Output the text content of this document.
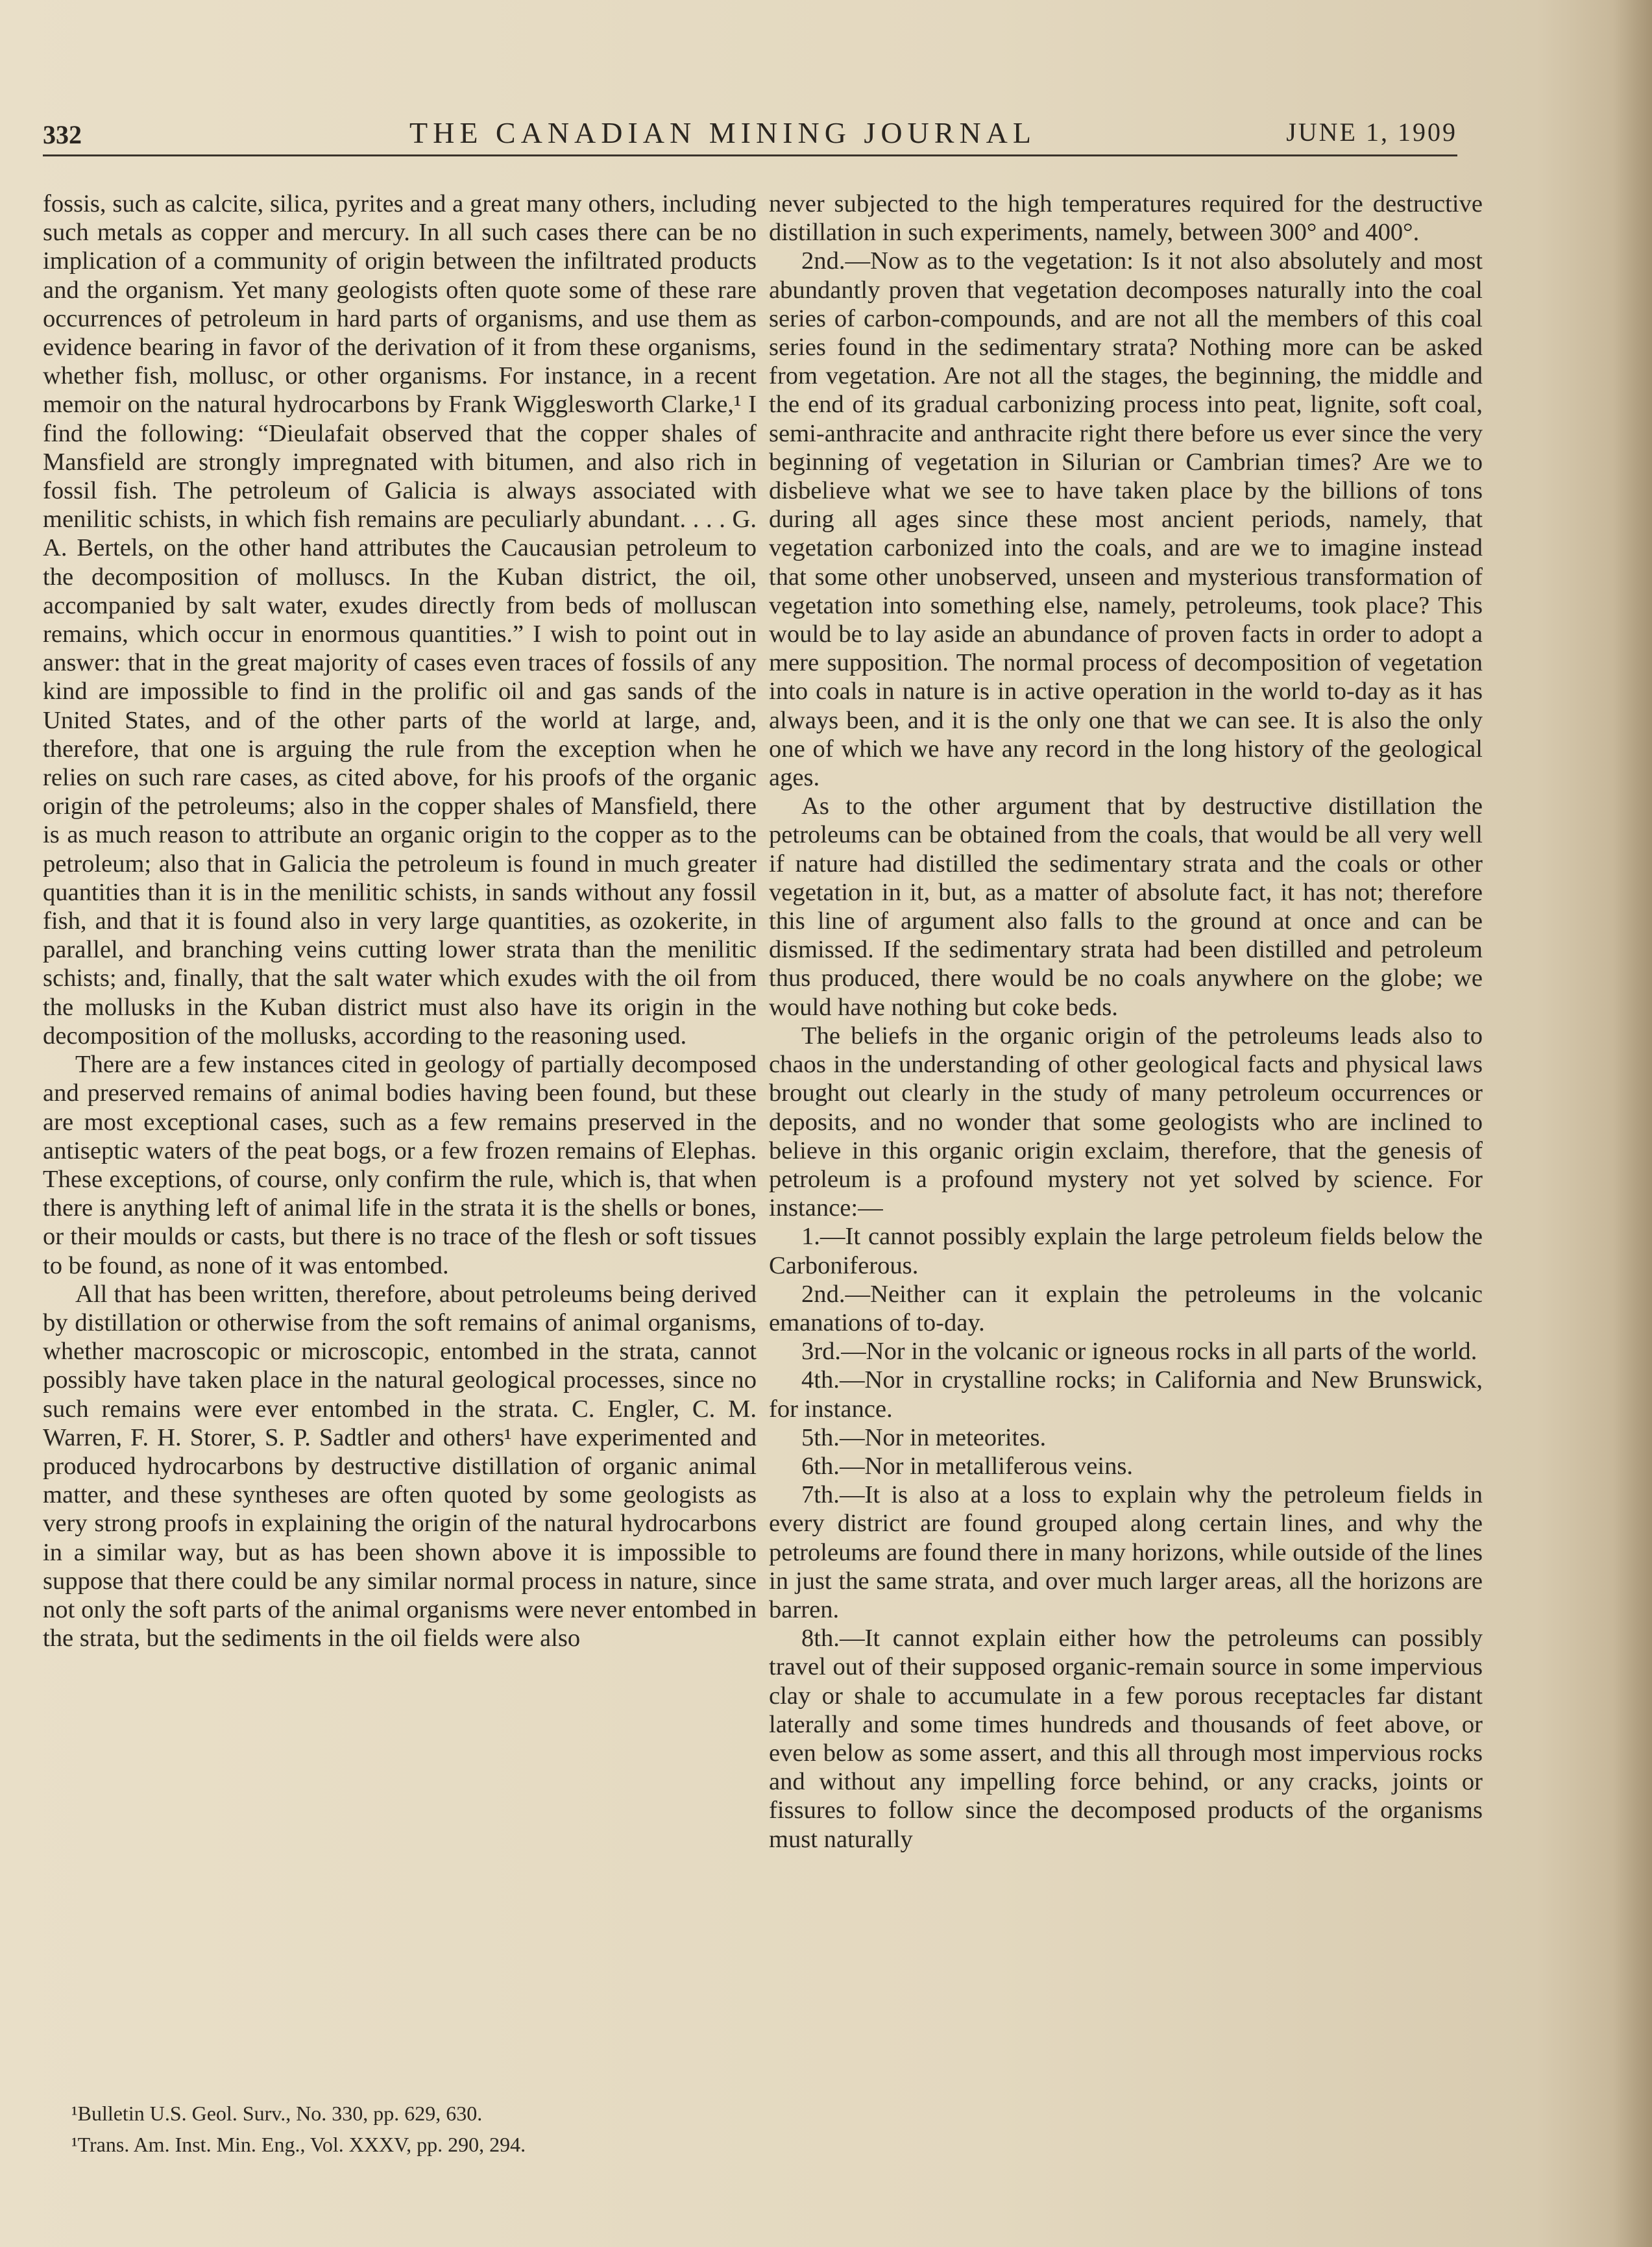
332	THE CANADIAN MINING JOURNAL	JUNE 1, 1909

fossis, such as calcite, silica, pyrites and a great many others, including such metals as copper and mercury. In all such cases there can be no implication of a community of origin between the infiltrated products and the organism. Yet many geologists often quote some of these rare occurrences of petroleum in hard parts of organisms, and use them as evidence bearing in favor of the derivation of it from these organisms, whether fish, mollusc, or other organisms. For instance, in a recent memoir on the natural hydrocarbons by Frank Wigglesworth Clarke,¹ I find the following: “Dieulafait observed that the copper shales of Mansfield are strongly impregnated with bitumen, and also rich in fossil fish. The petroleum of Galicia is always associated with menilitic schists, in which fish remains are peculiarly abundant. . . . G. A. Bertels, on the other hand attributes the Caucausian petroleum to the decomposition of molluscs. In the Kuban district, the oil, accompanied by salt water, exudes directly from beds of molluscan remains, which occur in enormous quantities.” I wish to point out in answer: that in the great majority of cases even traces of fossils of any kind are impossible to find in the prolific oil and gas sands of the United States, and of the other parts of the world at large, and, therefore, that one is arguing the rule from the exception when he relies on such rare cases, as cited above, for his proofs of the organic origin of the petroleums; also in the copper shales of Mansfield, there is as much reason to attribute an organic origin to the copper as to the petroleum; also that in Galicia the petroleum is found in much greater quantities than it is in the menilitic schists, in sands without any fossil fish, and that it is found also in very large quantities, as ozokerite, in parallel, and branching veins cutting lower strata than the menilitic schists; and, finally, that the salt water which exudes with the oil from the mollusks in the Kuban district must also have its origin in the decomposition of the mollusks, according to the reasoning used.

There are a few instances cited in geology of partially decomposed and preserved remains of animal bodies having been found, but these are most exceptional cases, such as a few remains preserved in the antiseptic waters of the peat bogs, or a few frozen remains of Elephas. These exceptions, of course, only confirm the rule, which is, that when there is anything left of animal life in the strata it is the shells or bones, or their moulds or casts, but there is no trace of the flesh or soft tissues to be found, as none of it was entombed.

All that has been written, therefore, about petroleums being derived by distillation or otherwise from the soft remains of animal organisms, whether macroscopic or microscopic, entombed in the strata, cannot possibly have taken place in the natural geological processes, since no such remains were ever entombed in the strata. C. Engler, C. M. Warren, F. H. Storer, S. P. Sadtler and others¹ have experimented and produced hydrocarbons by destructive distillation of organic animal matter, and these syntheses are often quoted by some geologists as very strong proofs in explaining the origin of the natural hydrocarbons in a similar way, but as has been shown above it is impossible to suppose that there could be any similar normal process in nature, since not only the soft parts of the animal organisms were never entombed in the strata, but the sediments in the oil fields were also

¹Bulletin U.S. Geol. Surv., No. 330, pp. 629, 630.
¹Trans. Am. Inst. Min. Eng., Vol. XXXV, pp. 290, 294.

never subjected to the high temperatures required for the destructive distillation in such experiments, namely, between 300° and 400°.

2nd.—Now as to the vegetation: Is it not also absolutely and most abundantly proven that vegetation decomposes naturally into the coal series of carbon-compounds, and are not all the members of this coal series found in the sedimentary strata? Nothing more can be asked from vegetation. Are not all the stages, the beginning, the middle and the end of its gradual carbonizing process into peat, lignite, soft coal, semi-anthracite and anthracite right there before us ever since the very beginning of vegetation in Silurian or Cambrian times? Are we to disbelieve what we see to have taken place by the billions of tons during all ages since these most ancient periods, namely, that vegetation carbonized into the coals, and are we to imagine instead that some other unobserved, unseen and mysterious transformation of vegetation into something else, namely, petroleums, took place? This would be to lay aside an abundance of proven facts in order to adopt a mere supposition. The normal process of decomposition of vegetation into coals in nature is in active operation in the world to-day as it has always been, and it is the only one that we can see. It is also the only one of which we have any record in the long history of the geological ages.

As to the other argument that by destructive distillation the petroleums can be obtained from the coals, that would be all very well if nature had distilled the sedimentary strata and the coals or other vegetation in it, but, as a matter of absolute fact, it has not; therefore this line of argument also falls to the ground at once and can be dismissed. If the sedimentary strata had been distilled and petroleum thus produced, there would be no coals anywhere on the globe; we would have nothing but coke beds.

The beliefs in the organic origin of the petroleums leads also to chaos in the understanding of other geological facts and physical laws brought out clearly in the study of many petroleum occurrences or deposits, and no wonder that some geologists who are inclined to believe in this organic origin exclaim, therefore, that the genesis of petroleum is a profound mystery not yet solved by science. For instance:—

1.—It cannot possibly explain the large petroleum fields below the Carboniferous.

2nd.—Neither can it explain the petroleums in the volcanic emanations of to-day.

3rd.—Nor in the volcanic or igneous rocks in all parts of the world.

4th.—Nor in crystalline rocks; in California and New Brunswick, for instance.

5th.—Nor in meteorites.

6th.—Nor in metalliferous veins.

7th.—It is also at a loss to explain why the petroleum fields in every district are found grouped along certain lines, and why the petroleums are found there in many horizons, while outside of the lines in just the same strata, and over much larger areas, all the horizons are barren.

8th.—It cannot explain either how the petroleums can possibly travel out of their supposed organic-remain source in some impervious clay or shale to accumulate in a few porous receptacles far distant laterally and some times hundreds and thousands of feet above, or even below as some assert, and this all through most impervious rocks and without any impelling force behind, or any cracks, joints or fissures to follow since the decomposed products of the organisms must naturally
